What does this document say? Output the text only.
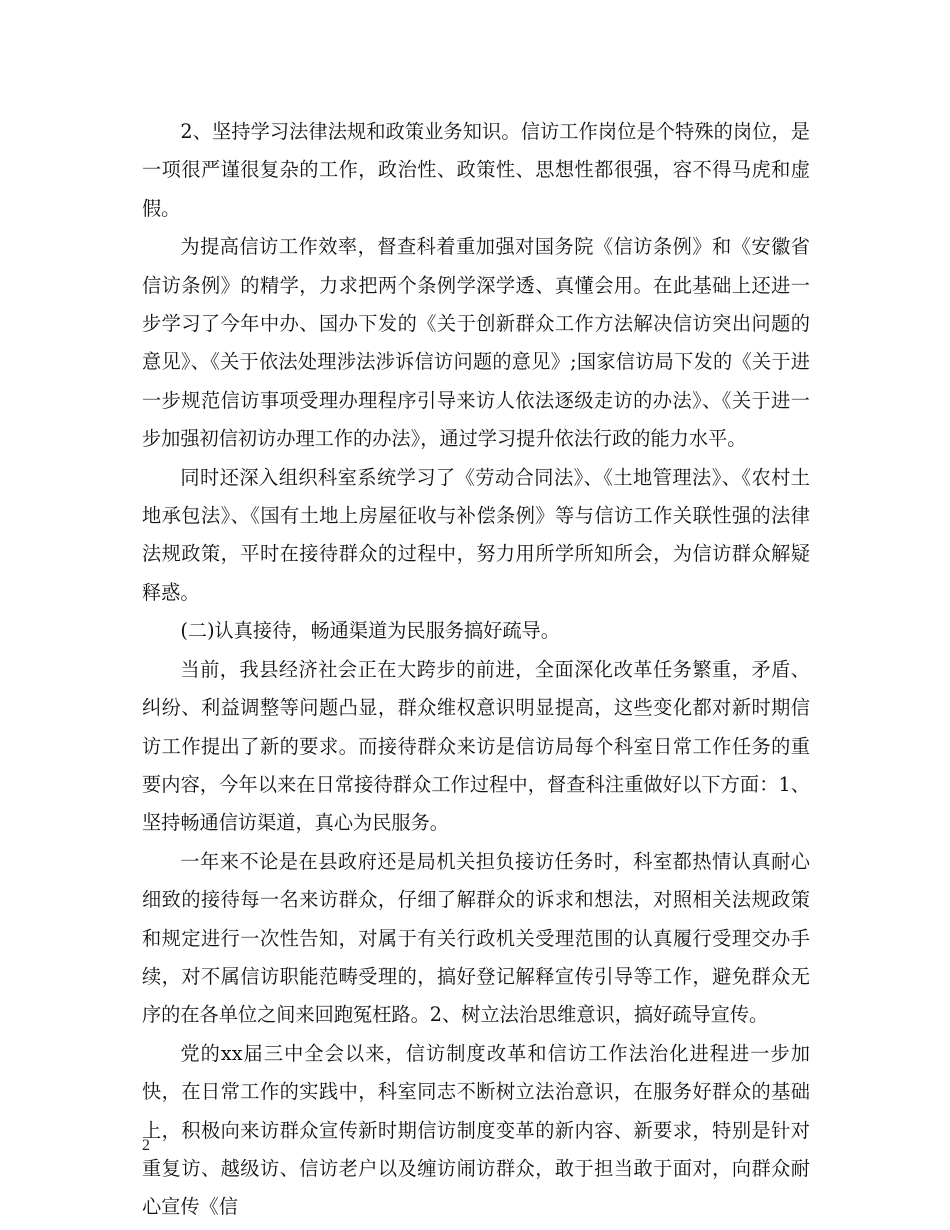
2、坚持学习法律法规和政策业务知识。信访工作岗位是个特殊的岗位，是一项很严谨很复杂的工作，政治性、政策性、思想性都很强，容不得马虎和虚假。

为提高信访工作效率，督查科着重加强对国务院《信访条例》和《安徽省信访条例》的精学，力求把两个条例学深学透、真懂会用。在此基础上还进一步学习了今年中办、国办下发的《关于创新群众工作方法解决信访突出问题的意见》、《关于依法处理涉法涉诉信访问题的意见》;国家信访局下发的《关于进一步规范信访事项受理办理程序引导来访人依法逐级走访的办法》、《关于进一步加强初信初访办理工作的办法》，通过学习提升依法行政的能力水平。

同时还深入组织科室系统学习了《劳动合同法》、《土地管理法》、《农村土地承包法》、《国有土地上房屋征收与补偿条例》等与信访工作关联性强的法律法规政策，平时在接待群众的过程中，努力用所学所知所会，为信访群众解疑释惑。

(二)认真接待，畅通渠道为民服务搞好疏导。

当前，我县经济社会正在大跨步的前进，全面深化改革任务繁重，矛盾、纠纷、利益调整等问题凸显，群众维权意识明显提高，这些变化都对新时期信访工作提出了新的要求。而接待群众来访是信访局每个科室日常工作任务的重要内容，今年以来在日常接待群众工作过程中，督查科注重做好以下方面：1、坚持畅通信访渠道，真心为民服务。

一年来不论是在县政府还是局机关担负接访任务时，科室都热情认真耐心细致的接待每一名来访群众，仔细了解群众的诉求和想法，对照相关法规政策和规定进行一次性告知，对属于有关行政机关受理范围的认真履行受理交办手续，对不属信访职能范畴受理的，搞好登记解释宣传引导等工作，避免群众无序的在各单位之间来回跑冤枉路。2、树立法治思维意识，搞好疏导宣传。

党的xx届三中全会以来，信访制度改革和信访工作法治化进程进一步加快，在日常工作的实践中，科室同志不断树立法治意识，在服务好群众的基础上，积极向来访群众宣传新时期信访制度变革的新内容、新要求，特别是针对重复访、越级访、信访老户以及缠访闹访群众，敢于担当敢于面对，向群众耐心宣传《信

2
